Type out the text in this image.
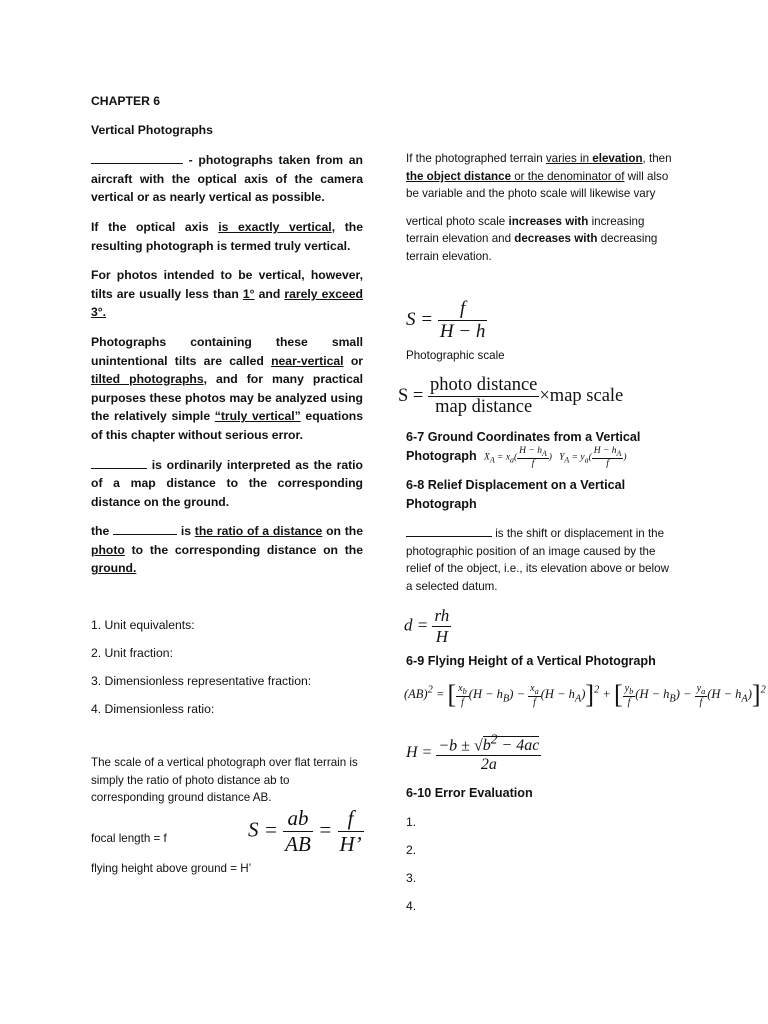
CHAPTER 6

Vertical Photographs

- photographs taken from an aircraft with the optical axis of the camera vertical or as nearly vertical as possible.

If the optical axis is exactly vertical, the resulting photograph is termed truly vertical.

For photos intended to be vertical, however, tilts are usually less than 1° and rarely exceed 3°.

Photographs containing these small unintentional tilts are called near-vertical or tilted photographs, and for many practical purposes these photos may be analyzed using the relatively simple “truly vertical” equations of this chapter without serious error.

is ordinarily interpreted as the ratio of a map distance to the corresponding distance on the ground.

the	is the ratio of a distance on the photo to the corresponding distance on the ground.

1. Unit equivalents:

2. Unit fraction:

3. Dimensionless representative fraction:

4. Dimensionless ratio:

The scale of a vertical photograph over flat terrain is simply the ratio of photo distance ab to corresponding ground distance AB.

focal length = f
flying height above ground = H’
$S = \frac{ab}{AB} = \frac{f}{H’}$

If the photographed terrain varies in elevation, then the object distance or the denominator of will also be variable and the photo scale will likewise vary

vertical photo scale increases with increasing terrain elevation and decreases with decreasing terrain elevation.

$S = \frac{f}{H - h}$
Photographic scale
$S = \frac{\text{photo distance}}{\text{map distance}} \times map$ scale
6-7 Ground Coordinates from a Vertical Photograph $X_A = x_a( \frac{H - h_A}{f}$ )   $Y_A = y_a( \frac{H - h_A}{f}$ )
6-8 Relief Displacement on a Vertical Photograph
is the shift or displacement in the photographic position of an image caused by the relief of the object, i.e., its elevation above or below a selected datum.
$d = \frac{rh}{H}$
6-9 Flying Height of a Vertical Photograph
(AB)$^2$ = [ $\frac{x_b}{f} (H - h_B) - \frac{x_a}{f} (H - h_A)]^2$ + [ $\frac{y_b}{f} (H - h_B) - \frac{y_a}{f} (H - h_A)]^2$
$H = \frac{-b \pm √b^2 - 4ac}{2a}$
6-10 Error Evaluation
1.
2.
3.
4.
